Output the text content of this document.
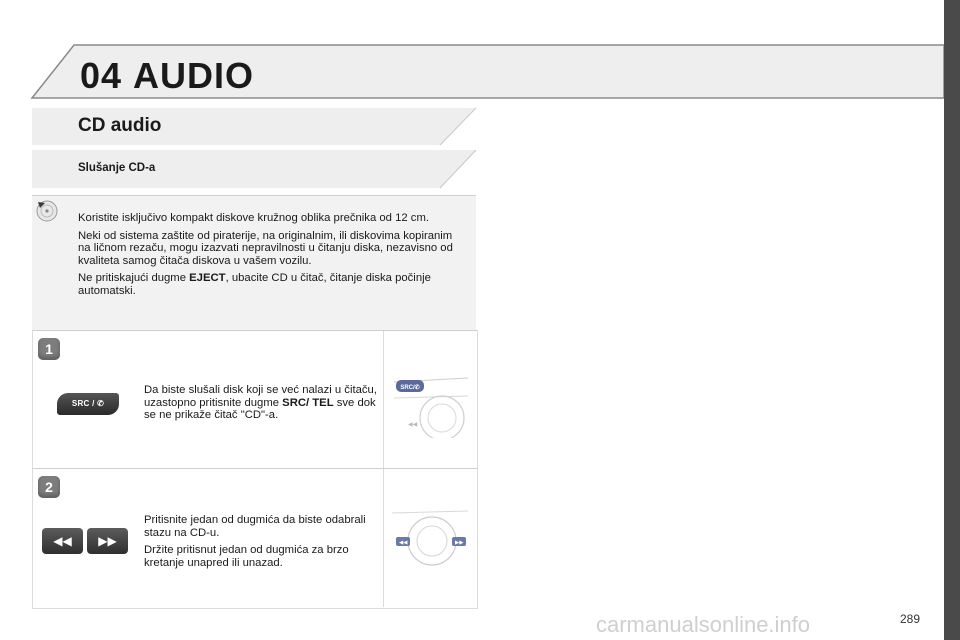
04 AUDIO
CD audio
Slušanje CD-a

Koristite isključivo kompakt diskove kružnog oblika prečnika od 12 cm.

Neki od sistema zaštite od piraterije, na originalnim, ili diskovima kopiranim na ličnom rezaču, mogu izazvati nepravilnosti u čitanju diska, nezavisno od kvaliteta samog čitača diskova u vašem vozilu.

Ne pritiskajući dugme EJECT, ubacite CD u čitač, čitanje diska počinje automatski.

1
SRC / ✆

Da biste slušali disk koji se već nalazi u čitaču, uzastopno pritisnite dugme SRC/ TEL sve dok se ne prikaže čitač "CD"-a.

SRC/✆
◀◀
2
◀◀	▶▶

Pritisnite jedan od dugmića da biste odabrali stazu na CD-u.

Držite pritisnut jedan od dugmića za brzo kretanje unapred ili unazad.

◀◀	▶▶
289
carmanualsonline.info
